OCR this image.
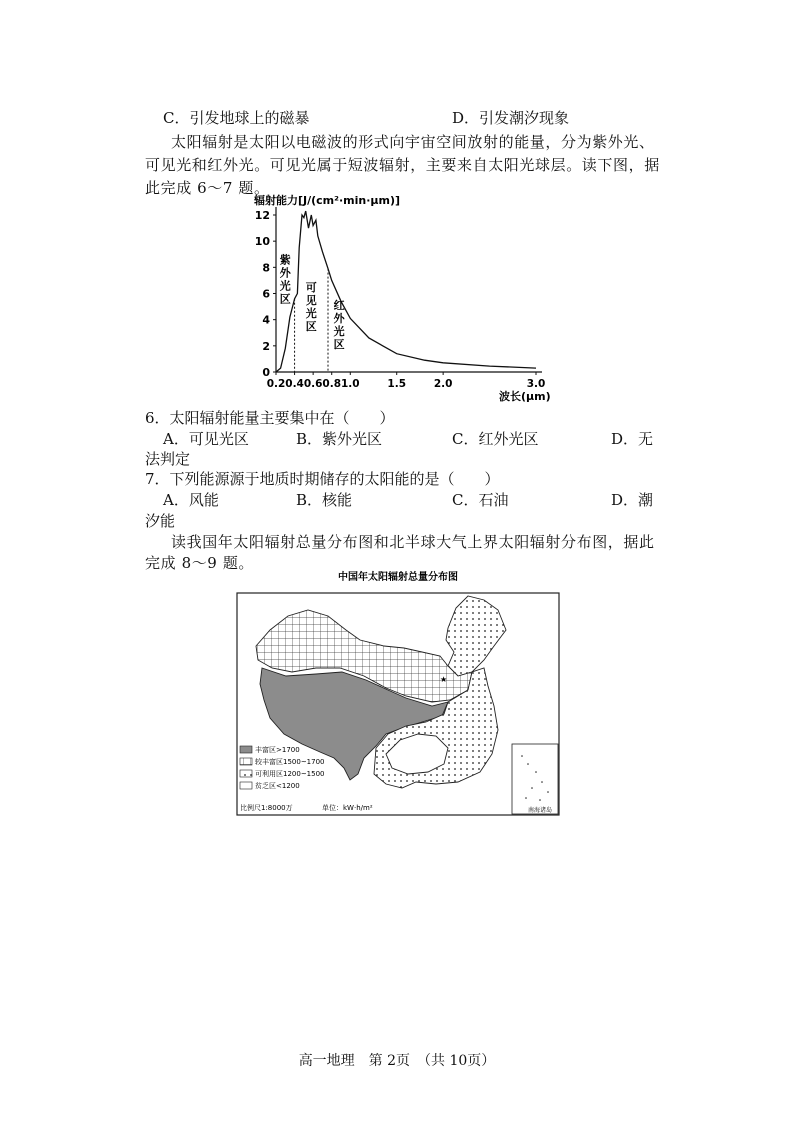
C．引发地球上的磁暴	D．引发潮汐现象
太阳辐射是太阳以电磁波的形式向宇宙空间放射的能量，分为紫外光、
可见光和红外光。可见光属于短波辐射，主要来自太阳光球层。读下图，据
此完成 6～7 题。
0
2
4
6
8
10
12
0.2 0.4 0.6 0.8 1.0	1.5	2.0	3.0
紫
外
光
区
可
见
光
区
红
外
光
区
辐射能力[J/(cm²·min·μm)]
波长(μm)
6．太阳辐射能量主要集中在（　　）
A．可见光区	B．紫外光区	C．红外光区	D．无
法判定
7．下列能源源于地质时期储存的太阳能的是（　　）
A．风能	B．核能	C．石油	D．潮
汐能
读我国年太阳辐射总量分布图和北半球大气上界太阳辐射分布图，据此
完成 8～9 题。
中国年太阳辐射总量分布图
★
南海诸岛
丰富区>1700
较丰富区1500~1700
可利用区1200~1500
贫乏区<1200
比例尺1:8000万	单位：kW·h/m²
高一地理　第 2页　（共 10页）
